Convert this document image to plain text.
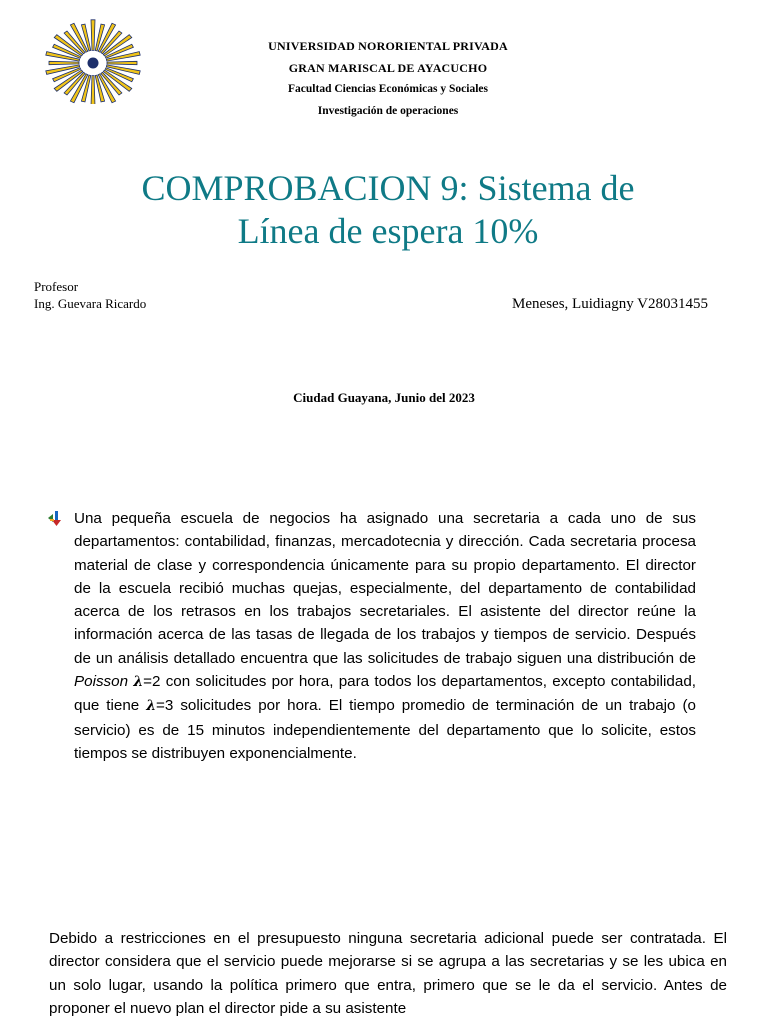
UNIVERSIDAD NORORIENTAL PRIVADA
GRAN MARISCAL DE AYACUCHO
Facultad Ciencias Económicas y Sociales
Investigación de operaciones
COMPROBACION 9: Sistema de
Línea de espera 10%
Profesor
Ing. Guevara Ricardo	Meneses, Luidiagny V28031455
Ciudad Guayana, Junio del 2023

Una pequeña escuela de negocios ha asignado una secretaria a cada uno de sus departamentos: contabilidad, finanzas, mercadotecnia y dirección. Cada secretaria procesa material de clase y correspondencia únicamente para su propio departamento. El director de la escuela recibió muchas quejas, especialmente, del departamento de contabilidad acerca de los retrasos en los trabajos secretariales. El asistente del director reúne la información acerca de las tasas de llegada de los trabajos y tiempos de servicio. Después de un análisis detallado encuentra que las solicitudes de trabajo siguen una distribución de Poisson λ=2 con solicitudes por hora, para todos los departamentos, excepto contabilidad, que tiene λ=3 solicitudes por hora. El tiempo promedio de terminación de un trabajo (o servicio) es de 15 minutos independientemente del departamento que lo solicite, estos tiempos se distribuyen exponencialmente.

Debido a restricciones en el presupuesto ninguna secretaria adicional puede ser contratada. El director considera que el servicio puede mejorarse si se agrupa a las secretarias y se les ubica en un solo lugar, usando la política primero que entra, primero que se le da el servicio. Antes de proponer el nuevo plan el director pide a su asistente
